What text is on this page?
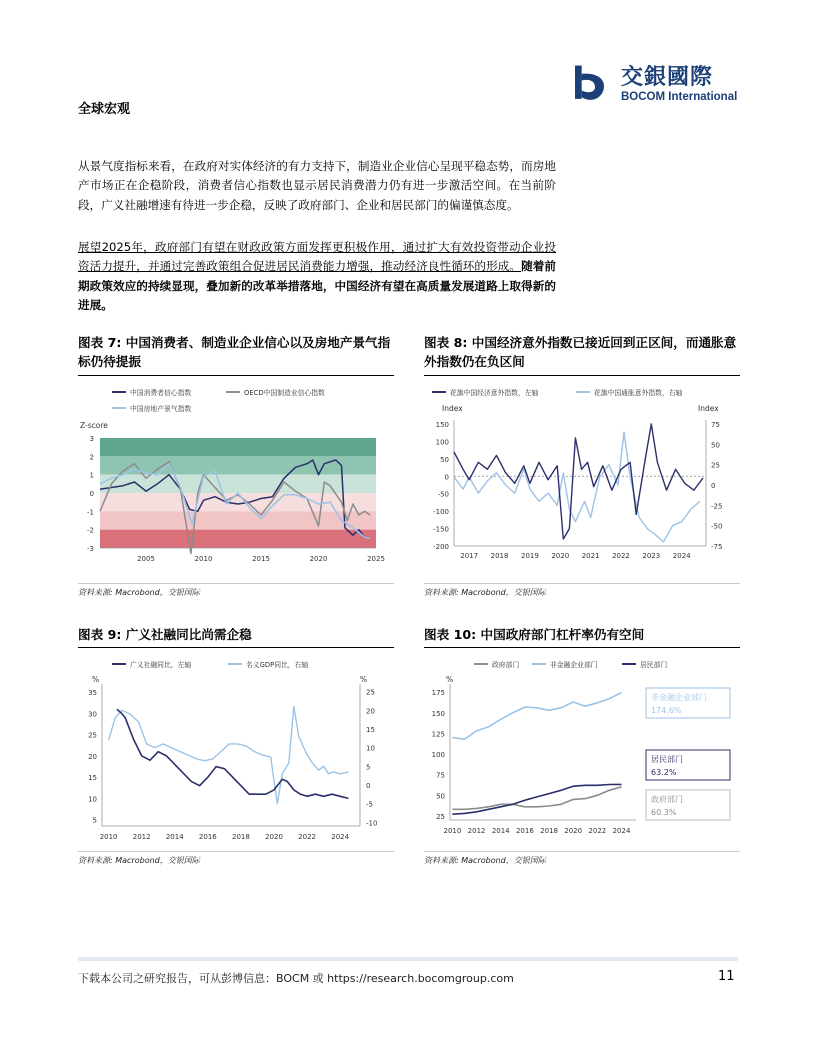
交銀國際
BOCOM International
全球宏观
从景气度指标来看，在政府对实体经济的有力支持下，制造业企业信心呈现平稳态势，而房地产市场正在企稳阶段，消费者信心指数也显示居民消费潜力仍有进一步激活空间。在当前阶段，广义社融增速有待进一步企稳，反映了政府部门、企业和居民部门的偏谨慎态度。
展望2025年，政府部门有望在财政政策方面发挥更积极作用，通过扩大有效投资带动企业投资活力提升，并通过完善政策组合促进居民消费能力增强，推动经济良性循环的形成。随着前期政策效应的持续显现，叠加新的改革举措落地，中国经济有望在高质量发展道路上取得新的进展。
图表 7: 中国消费者、制造业企业信心以及房地产景气指标仍待提振
中国消费者信心指数	OECD中国制造业信心指数
中国房地产景气指数
Z-score
3
2
1
0
-1
-2
-3
2005	2010	2015	2020	2025
资料来源: Macrobond，交银国际
图表 8: 中国经济意外指数已接近回到正区间，而通胀意外指数仍在负区间
花旗中国经济意外指数，左轴	花旗中国通胀意外指数，右轴
Index	Index
150
100
50
0
-50
-100
-150
-200
75
50
25
0
-25
-50
-75
2017 2018 2019 2020 2021 2022 2023 2024
资料来源: Macrobond，交银国际
图表 9: 广义社融同比尚需企稳
广义社融同比，左轴	名义GDP同比，右轴
%	%
35
30
25
20
15
10
5
25
20
15
10
5
0
-5
-10
2010 2012 2014 2016 2018 2020 2022 2024
资料来源: Macrobond，交银国际
图表 10: 中国政府部门杠杆率仍有空间
政府部门	非金融企业部门	居民部门
%
175
150
125
100
75
50
25
2010 2012 2014 2016 2018 2020 2022 2024
非金融企业部门
174.6%
居民部门
63.2%
政府部门
60.3%
资料来源: Macrobond，交银国际
下载本公司之研究报告，可从彭博信息：BOCM 或 https://research.bocomgroup.com	11
